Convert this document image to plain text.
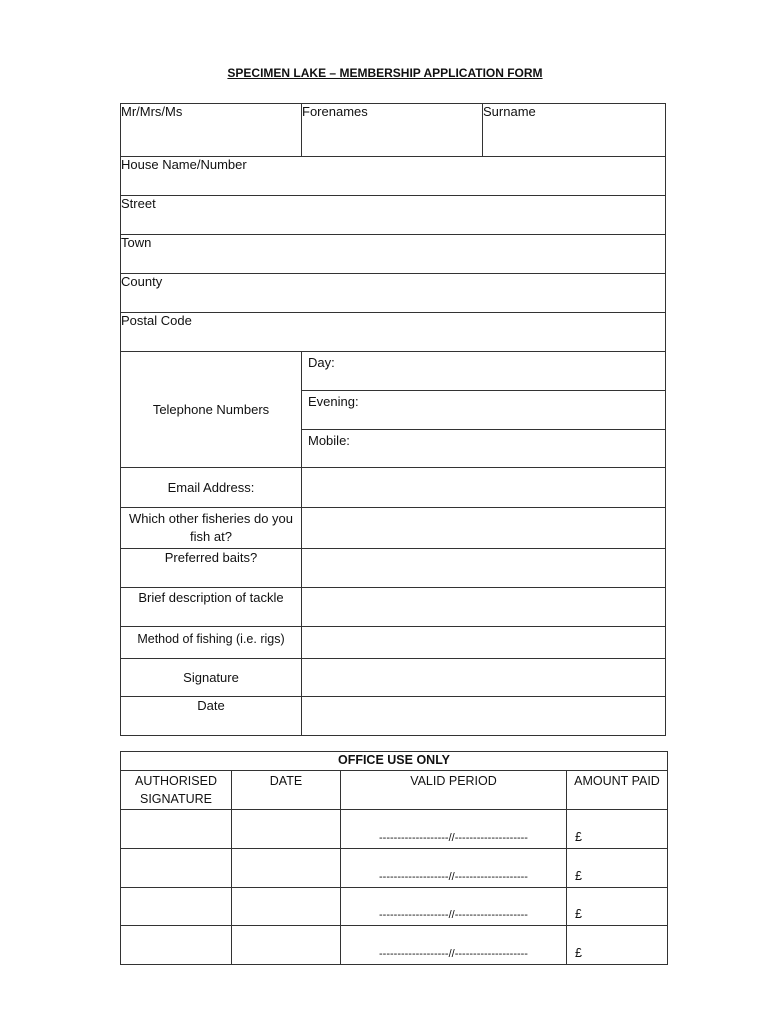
SPECIMEN LAKE – MEMBERSHIP APPLICATION FORM
Mr/Mrs/Ms	Forenames	Surname

House Name/Number		

Street		

Town		

County		

Postal Code		

Telephone Numbers	Day:
Evening:
Mobile:	

Email Address:		
Which other fisheries do you fish at?		
Preferred baits?		
Brief description of tackle		
Method of fishing (i.e. rigs)		
Signature		
Date		
OFFICE USE ONLY			
AUTHORISED SIGNATURE	DATE	VALID PERIOD	AMOUNT PAID
		-------------------//--------------------	£
		-------------------//--------------------	£
		-------------------//--------------------	£
		-------------------//--------------------	£
